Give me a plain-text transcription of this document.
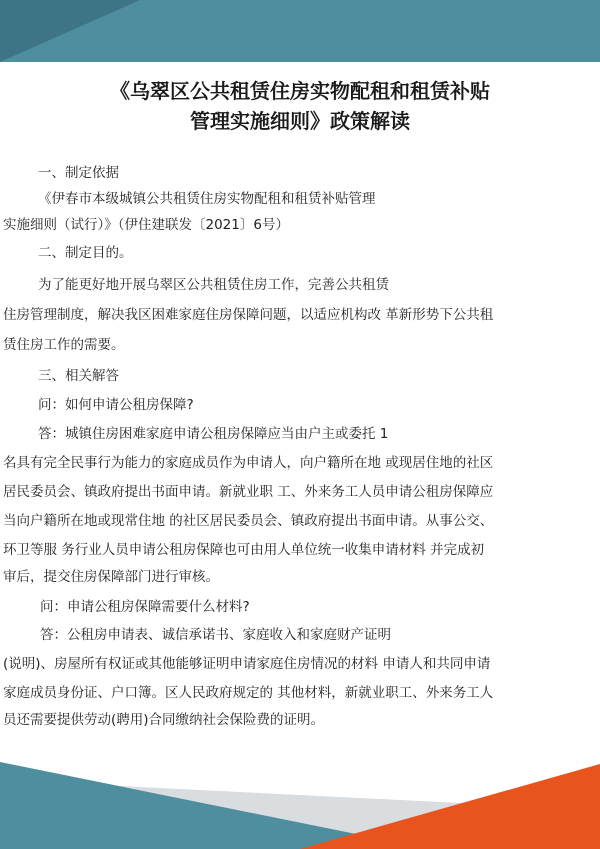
《乌翠区公共租赁住房实物配租和租赁补贴
管理实施细则》政策解读
一、制定依据
《伊春市本级城镇公共租赁住房实物配租和租赁补贴管理
实施细则（试行）》（伊住建联发〔2021〕6号）
二、制定目的。
为了能更好地开展乌翠区公共租赁住房工作，完善公共租赁
住房管理制度，解决我区困难家庭住房保障问题，以适应机构改 革新形势下公共租
赁住房工作的需要。
三、相关解答
问：如何申请公租房保障?
答：城镇住房困难家庭申请公租房保障应当由户主或委托 1
名具有完全民事行为能力的家庭成员作为申请人，向户籍所在地 或现居住地的社区
居民委员会、镇政府提出书面申请。新就业职 工、外来务工人员申请公租房保障应
当向户籍所在地或现常住地 的社区居民委员会、镇政府提出书面申请。从事公交、
环卫等服 务行业人员申请公租房保障也可由用人单位统一收集申请材料 并完成初
审后，提交住房保障部门进行审核。
问：申请公租房保障需要什么材料?
答：公租房申请表、诚信承诺书、家庭收入和家庭财产证明
(说明)、房屋所有权证或其他能够证明申请家庭住房情况的材料 申请人和共同申请
家庭成员身份证、户口簿。区人民政府规定的 其他材料，新就业职工、外来务工人
员还需要提供劳动(聘用)合同缴纳社会保险费的证明。
